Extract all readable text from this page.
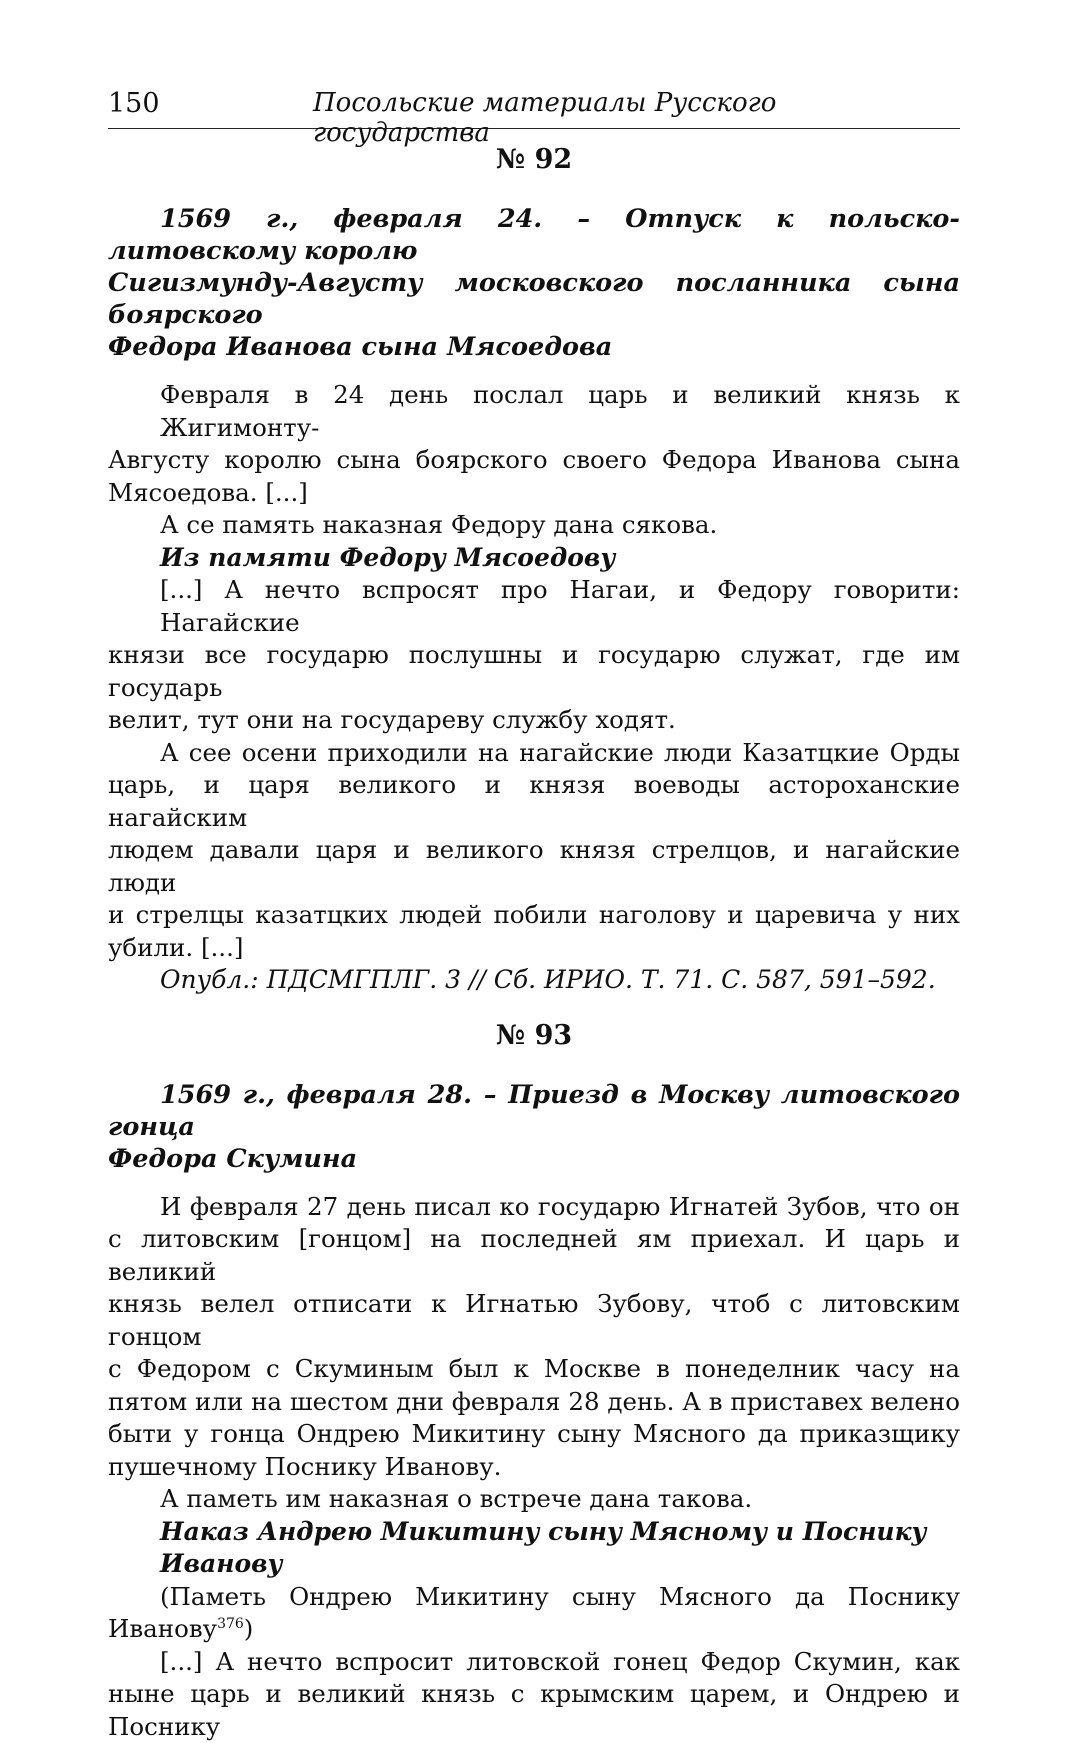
150	Посольские материалы Русского государства
№ 92
1569 г., февраля 24. – Отпуск к польско-литовскому королю
Сигизмунду-Августу московского посланника сына боярского
Федора Иванова сына Мясоедова
Февраля в 24 день послал царь и великий князь к Жигимонту-
Августу королю сына боярского своего Федора Иванова сына
Мясоедова. [...]
А се память наказная Федору дана сякова.
Из памяти Федору Мясоедову
[...] А нечто вспросят про Нагаи, и Федору говорити: Нагайские
князи все государю послушны и государю служат, где им государь
велит, тут они на государеву службу ходят.
А сее осени приходили на нагайские люди Казатцкие Орды
царь, и царя великого и князя воеводы астороханские нагайским
людем давали царя и великого князя стрелцов, и нагайские люди
и стрелцы казатцких людей побили наголову и царевича у них
убили. [...]
Опубл.: ПДСМГПЛГ. 3 // Сб. ИРИО. Т. 71. С. 587, 591–592.
№ 93
1569 г., февраля 28. – Приезд в Москву литовского гонца
Федора Скумина
И февраля 27 день писал ко государю Игнатей Зубов, что он
с литовским [гонцом] на последней ям приехал. И царь и великий
князь велел отписати к Игнатью Зубову, чтоб с литовским гонцом
с Федором с Скуминым был к Москве в понеделник часу на
пятом или на шестом дни февраля 28 день. А в приставех велено
быти у гонца Ондрею Микитину сыну Мясного да приказщику
пушечному Поснику Иванову.
А паметь им наказная о встрече дана такова.
Наказ Андрею Микитину сыну Мясному и Поснику Иванову
(Паметь Ондрею Микитину сыну Мясного да Поснику
Иванову$^{376}$)
[...] А нечто вспросит литовской гонец Федор Скумин, как
ныне царь и великий князь с крымским царем, и Ондрею и Поснику
